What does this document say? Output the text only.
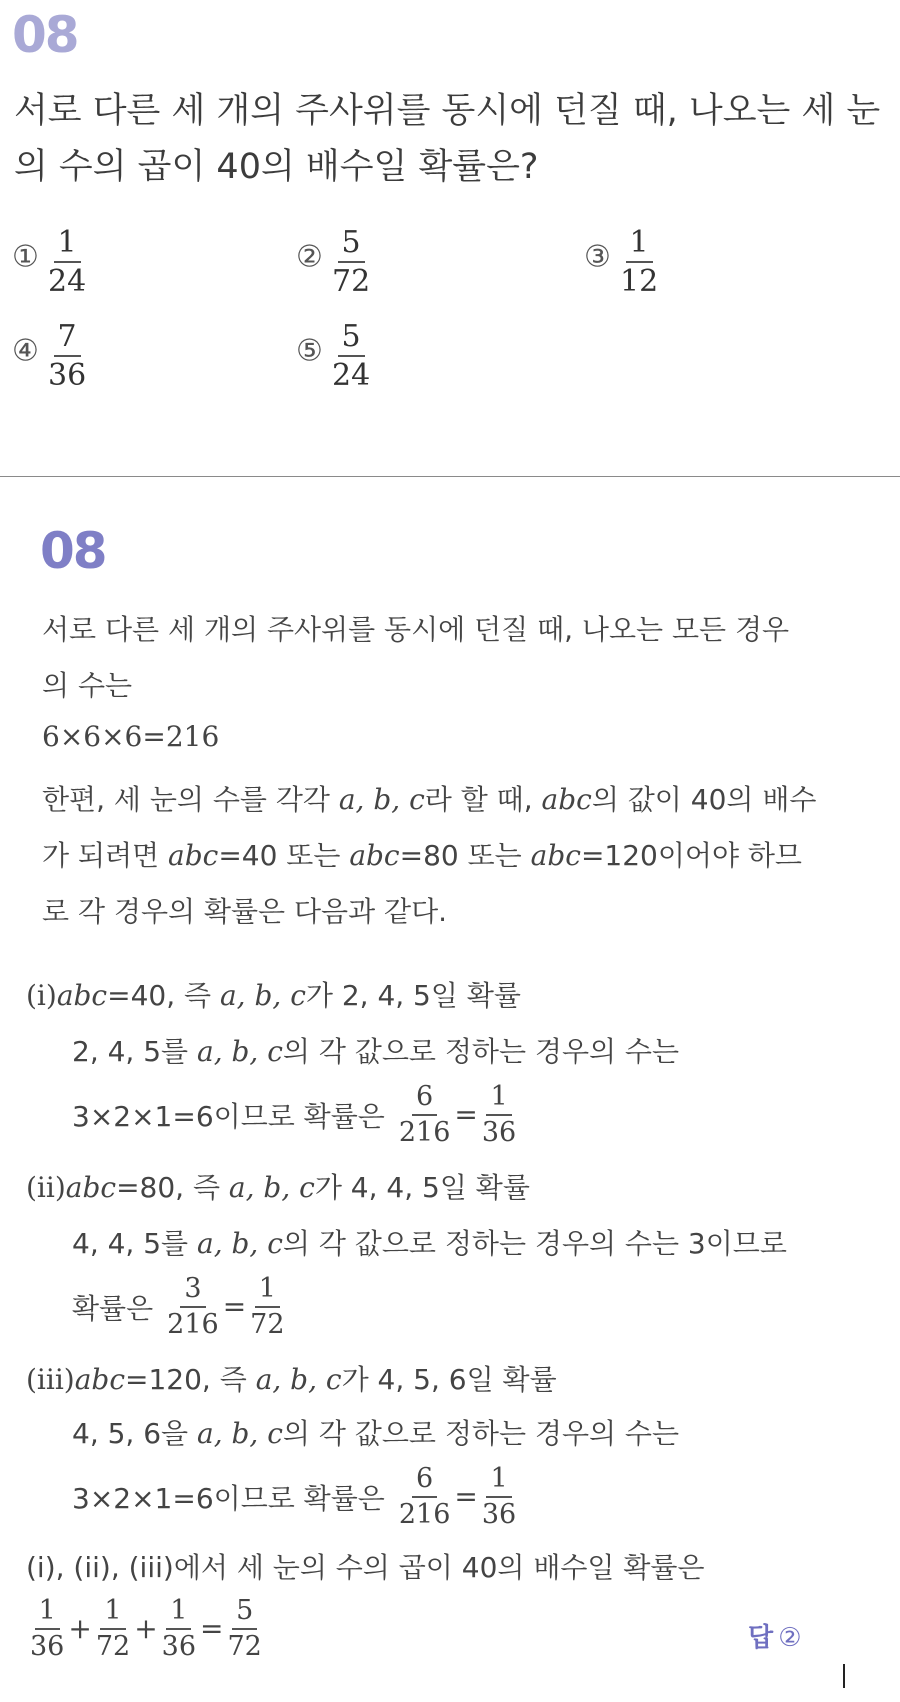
08
서로 다른 세 개의 주사위를 동시에 던질 때, 나오는 세 눈
의 수의 곱이 40의 배수일 확률은?
① $\frac{1}{24}$	② $\frac{5}{72}$	③ $\frac{1}{12}$
④ $\frac{7}{36}$	⑤ $\frac{5}{24}$
08
서로 다른 세 개의 주사위를 동시에 던질 때, 나오는 모든 경우
의 수는
6×6×6=216
한편, 세 눈의 수를 각각 a, b, c라 할 때, abc의 값이 40의 배수
가 되려면 abc=40 또는 abc=80 또는 abc=120이어야 하므
로 각 경우의 확률은 다음과 같다.
(i)abc=40, 즉 a, b, c가 2, 4, 5일 확률
2, 4, 5를 a, b, c의 각 값으로 정하는 경우의 수는
3×2×1=6이므로 확률은 $\frac{6}{216} = \frac{1}{36}$
(ii)abc=80, 즉 a, b, c가 4, 4, 5일 확률
4, 4, 5를 a, b, c의 각 값으로 정하는 경우의 수는 3이므로
확률은 $\frac{3}{216} = \frac{1}{72}$
(iii)abc=120, 즉 a, b, c가 4, 5, 6일 확률
4, 5, 6을 a, b, c의 각 값으로 정하는 경우의 수는
3×2×1=6이므로 확률은 $\frac{6}{216} = \frac{1}{36}$
(i), (ii), (iii)에서 세 눈의 수의 곱이 40의 배수일 확률은
$\frac{1}{36} + \frac{1}{72} + \frac{1}{36} = \frac{5}{72}$	답 ②
